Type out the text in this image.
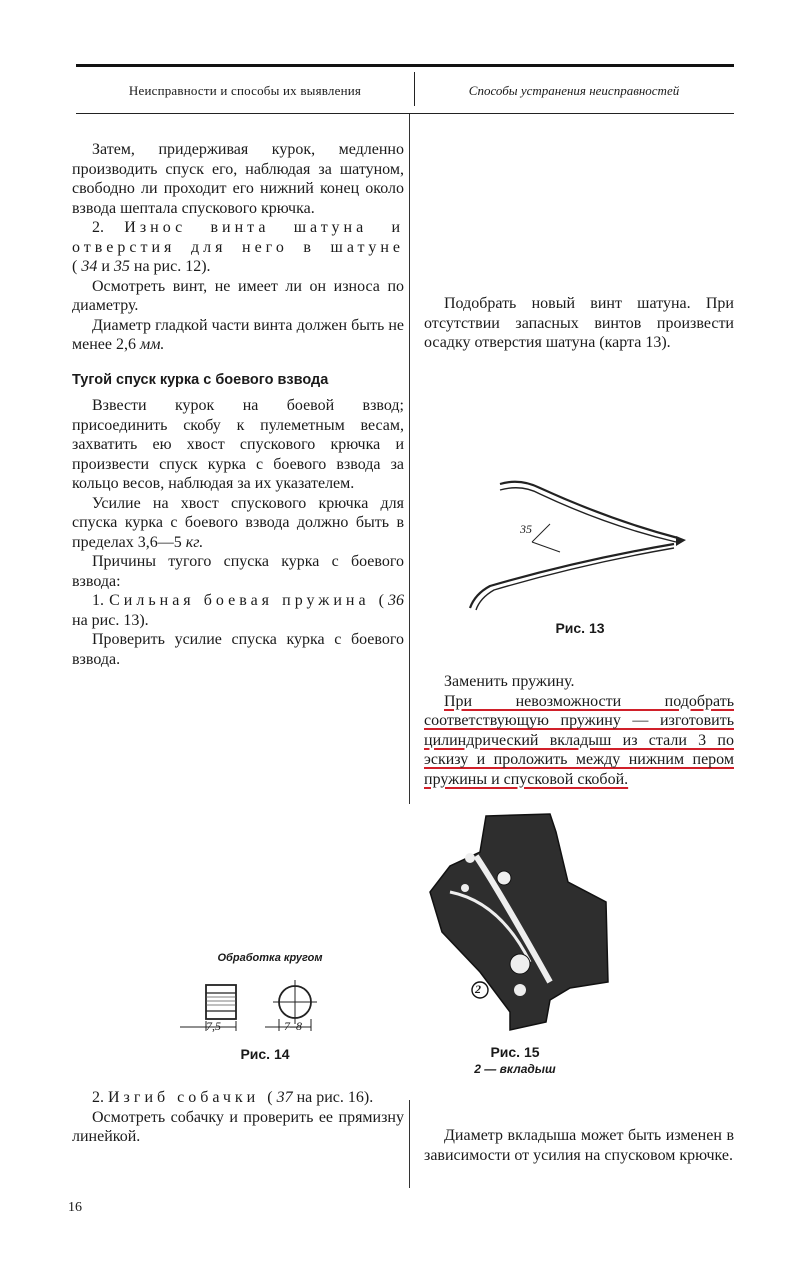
Неисправности и способы их выявления	Способы устранения неисправностей

Затем, придерживая курок, медленно производить спуск его, наблюдая за шатуном, свободно ли проходит его нижний конец около взвода шептала спускового крючка.

2. Износ винта шатуна и отверстия для него в шатуне (34 и 35 на рис. 12).

Осмотреть винт, не имеет ли он износа по диаметру.

Диаметр гладкой части винта должен быть не менее 2,6 мм.

Тугой спуск курка с боевого взвода

Взвести курок на боевой взвод; присоединить скобу к пулеметным весам, захватить ею хвост спускового крючка и произвести спуск курка с боевого взвода за кольцо весов, наблюдая за их указателем.

Усилие на хвост спускового крючка для спуска курка с боевого взвода должно быть в пределах 3,6—5 кг.

Причины тугого спуска курка с боевого взвода:

1. Сильная боевая пружина (36 на рис. 13).

Проверить усилие спуска курка с боевого взвода.

Обработка кругом
7,5	7–8
Рис. 14

2. Изгиб собачки (37 на рис. 16).

Осмотреть собачку и проверить ее прямизну линейкой.

Подобрать новый винт шатуна. При отсутствии запасных винтов произвести осадку отверстия шатуна (карта 13).

35
Рис. 13

Заменить пружину.

При невозможности подобрать соответствующую пружину — изготовить цилиндрический вкладыш из стали 3 по эскизу и проложить между нижним пером пружины и спусковой скобой.

2
Рис. 15
2 — вкладыш

Диаметр вкладыша может быть изменен в зависимости от усилия на спусковом крючке.

16
